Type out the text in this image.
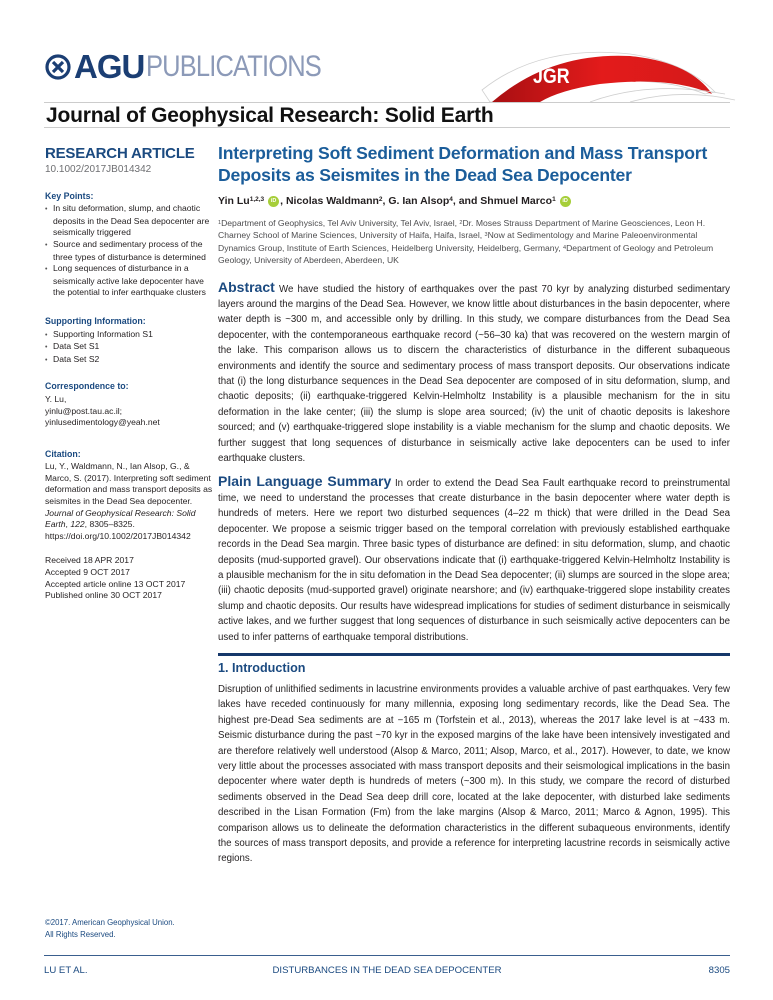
AGU PUBLICATIONS	JGR
Journal of Geophysical Research: Solid Earth
RESEARCH ARTICLE
10.1002/2017JB014342
Key Points:
• In situ deformation, slump, and chaotic deposits in the Dead Sea depocenter are seismically triggered
• Source and sedimentary process of the three types of disturbance is determined
• Long sequences of disturbance in a seismically active lake depocenter have the potential to infer earthquake clusters
Supporting Information:
• Supporting Information S1
• Data Set S1
• Data Set S2
Correspondence to:
Y. Lu,
yinlu@post.tau.ac.il;
yinlusedimentology@yeah.net
Citation:
Lu, Y., Waldmann, N., Ian Alsop, G., & Marco, S. (2017). Interpreting soft sediment deformation and mass transport deposits as seismites in the Dead Sea depocenter. Journal of Geophysical Research: Solid Earth, 122, 8305–8325.
https://doi.org/10.1002/2017JB014342
Received 18 APR 2017
Accepted 9 OCT 2017
Accepted article online 13 OCT 2017
Published online 30 OCT 2017
©2017. American Geophysical Union.
All Rights Reserved.
Interpreting Soft Sediment Deformation and Mass Transport Deposits as Seismites in the Dead Sea Depocenter
Yin Lu$^{1,2,3}$ iD , Nicolas Waldmann$^2$, G. Ian Alsop$^4$, and Shmuel Marco$^1$ iD

$^1$Department of Geophysics, Tel Aviv University, Tel Aviv, Israel, $^2$Dr. Moses Strauss Department of Marine Geosciences, Leon H. Charney School of Marine Sciences, University of Haifa, Haifa, Israel, $^3$Now at Sedimentology and Marine Paleoenvironmental Dynamics Group, Institute of Earth Sciences, Heidelberg University, Heidelberg, Germany, $^4$Department of Geology and Petroleum Geology, University of Aberdeen, Aberdeen, UK

Abstract We have studied the history of earthquakes over the past 70 kyr by analyzing disturbed sedimentary layers around the margins of the Dead Sea. However, we know little about disturbances in the basin depocenter, where water depth is ~300 m, and accessible only by drilling. In this study, we compare disturbances from the Dead Sea depocenter, with the contemporaneous earthquake record (~56–30 ka) that was recovered on the western margin of the lake. This comparison allows us to discern the characteristics of disturbance in the different subaqueous environments and identify the source and sedimentary process of mass transport deposits. Our observations indicate that (i) the long disturbance sequences in the Dead Sea depocenter are composed of in situ deformation, slump, and chaotic deposits; (ii) earthquake-triggered Kelvin-Helmholtz Instability is a plausible mechanism for the in situ deformation in the lake center; (iii) the slump is slope area sourced; (iv) the unit of chaotic deposits is lakeshore sourced; and (v) earthquake-triggered slope instability is a viable mechanism for the slump and chaotic deposits. We further suggest that long sequences of disturbance in seismically active lake depocenters can be used to infer earthquake clusters.

Plain Language Summary In order to extend the Dead Sea Fault earthquake record to preinstrumental time, we need to understand the processes that create disturbance in the basin depocenter where water depth is hundreds of meters. Here we report two disturbed sequences (4–22 m thick) that were drilled in the Dead Sea depocenter. We propose a seismic trigger based on the temporal correlation with previously established earthquake records in the Dead Sea margin. Three basic types of disturbance are defined: in situ deformation, slump, and chaotic deposits (mud-supported gravel). Our observations indicate that (i) earthquake-triggered Kelvin-Helmholtz Instability is a plausible mechanism for the in situ defomation in the Dead Sea depocenter; (ii) slumps are sourced in the slope area; (iii) chaotic deposits (mud-supported gravel) originate nearshore; and (iv) earthquake-triggered slope instability creates slump and chaotic deposits. Our results have widespread implications for studies of sediment disturbance in seismically active lakes, and we further suggest that long sequences of disturbance in such seismically active depocenters can be used to infer patterns of earthquake temporal distributions.

1. Introduction

Disruption of unlithified sediments in lacustrine environments provides a valuable archive of past earthquakes. Very few lakes have receded continuously for many millennia, exposing long sedimentary records, like the Dead Sea. The highest pre-Dead Sea sediments are at −165 m (Torfstein et al., 2013), whereas the 2017 lake level is at −433 m. Seismic disturbance during the past ~70 kyr in the exposed margins of the lake have been intensively investigated and are therefore relatively well understood (Alsop & Marco, 2011; Alsop, Marco, et al., 2017). However, to date, we know very little about the processes associated with mass transport deposits and their seismological implications in the basin depocenter where water depth is hundreds of meters (~300 m). In this study, we compare the record of disturbed sediments observed in the Dead Sea deep drill core, located at the lake depocenter, with disturbed lake sediments described in the Lisan Formation (Fm) from the lake margins (Alsop & Marco, 2011; Marco & Agnon, 1995). This comparison allows us to delineate the deformation characteristics in the different subaqueous environments, identify the sources of mass transport deposits, and provide a reference for interpreting lacustrine records in seismically active regions.

LU ET AL.	DISTURBANCES IN THE DEAD SEA DEPOCENTER	8305
